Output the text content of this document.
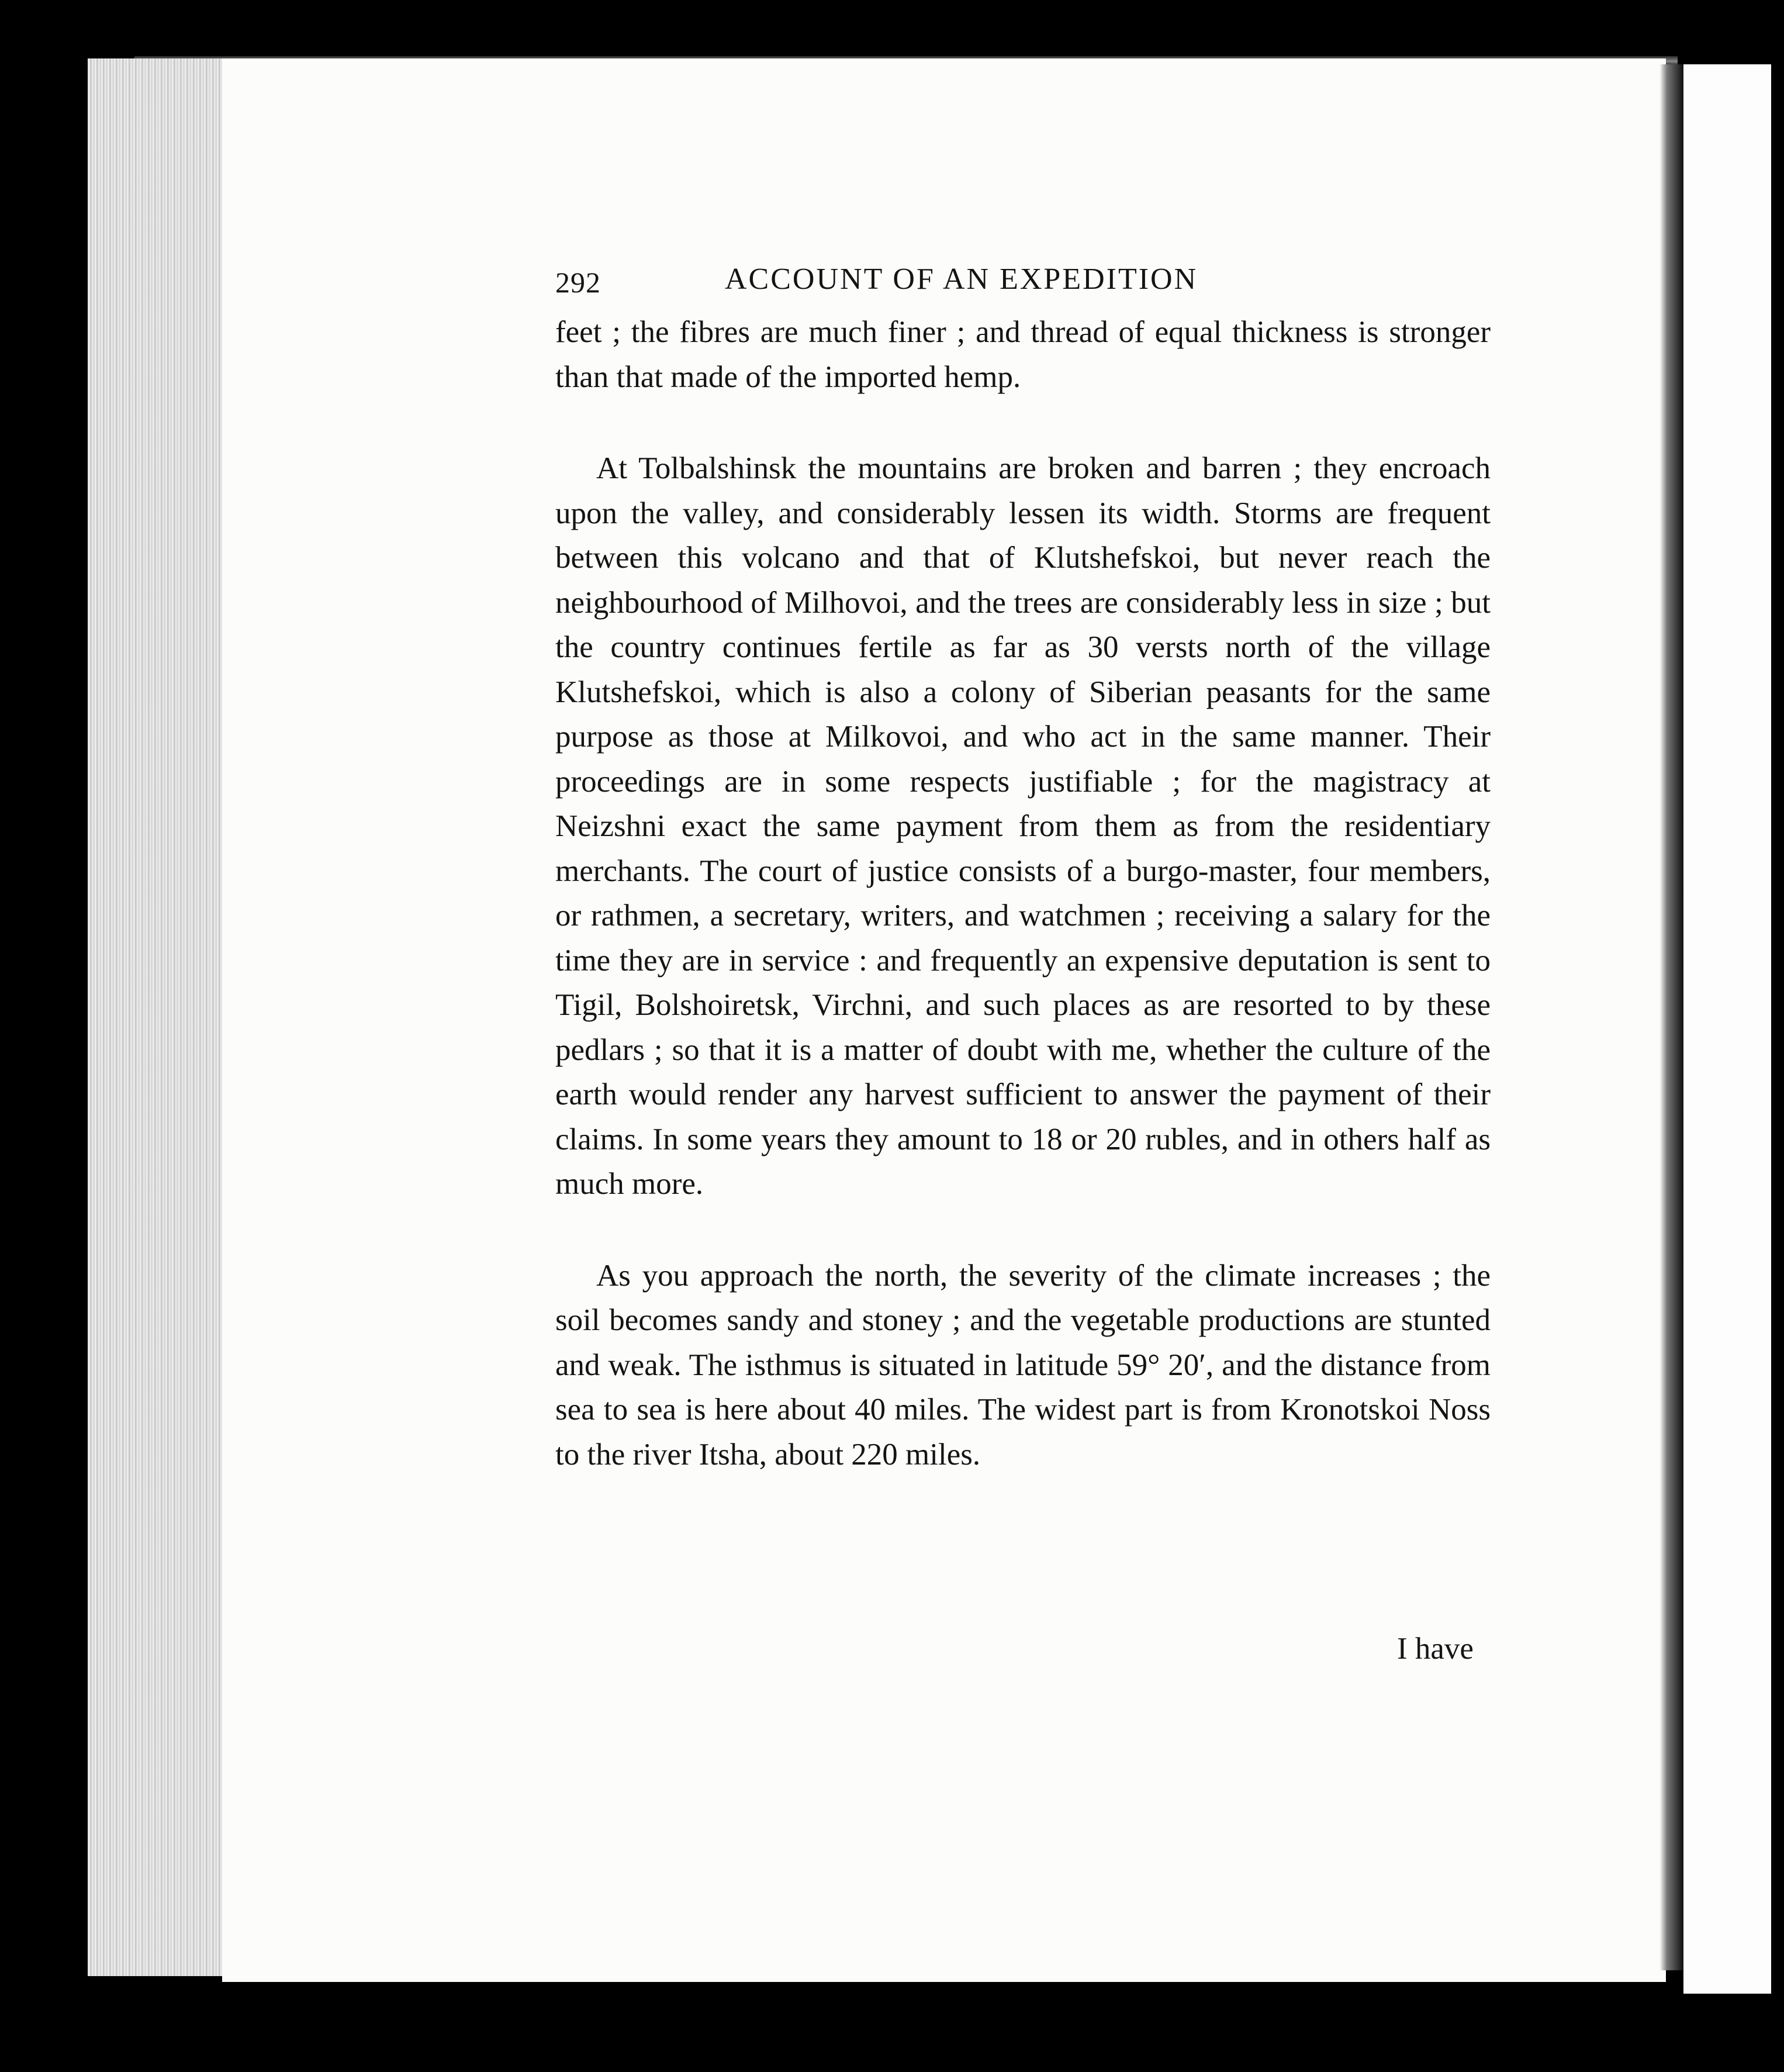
292	ACCOUNT OF AN EXPEDITION

feet ; the fibres are much finer ; and thread of equal thickness is stronger than that made of the imported hemp.

At Tolbalshinsk the mountains are broken and barren ; they encroach upon the valley, and considerably lessen its width. Storms are frequent between this volcano and that of Klutshefskoi, but never reach the neighbourhood of Milhovoi, and the trees are considerably less in size ; but the country continues fertile as far as 30 versts north of the village Klutshefskoi, which is also a colony of Siberian peasants for the same purpose as those at Milkovoi, and who act in the same manner. Their proceedings are in some respects justifiable ; for the magistracy at Neizshni exact the same payment from them as from the residentiary merchants. The court of justice consists of a burgo-master, four members, or rathmen, a secretary, writers, and watchmen ; receiving a salary for the time they are in service : and frequently an expensive deputation is sent to Tigil, Bolshoiretsk, Virchni, and such places as are resorted to by these pedlars ; so that it is a matter of doubt with me, whether the culture of the earth would render any harvest sufficient to answer the payment of their claims. In some years they amount to 18 or 20 rubles, and in others half as much more.

As you approach the north, the severity of the climate increases ; the soil becomes sandy and stoney ; and the vegetable productions are stunted and weak. The isthmus is situated in latitude 59° 20′, and the distance from sea to sea is here about 40 miles. The widest part is from Kronotskoi Noss to the river Itsha, about 220 miles.

I have
